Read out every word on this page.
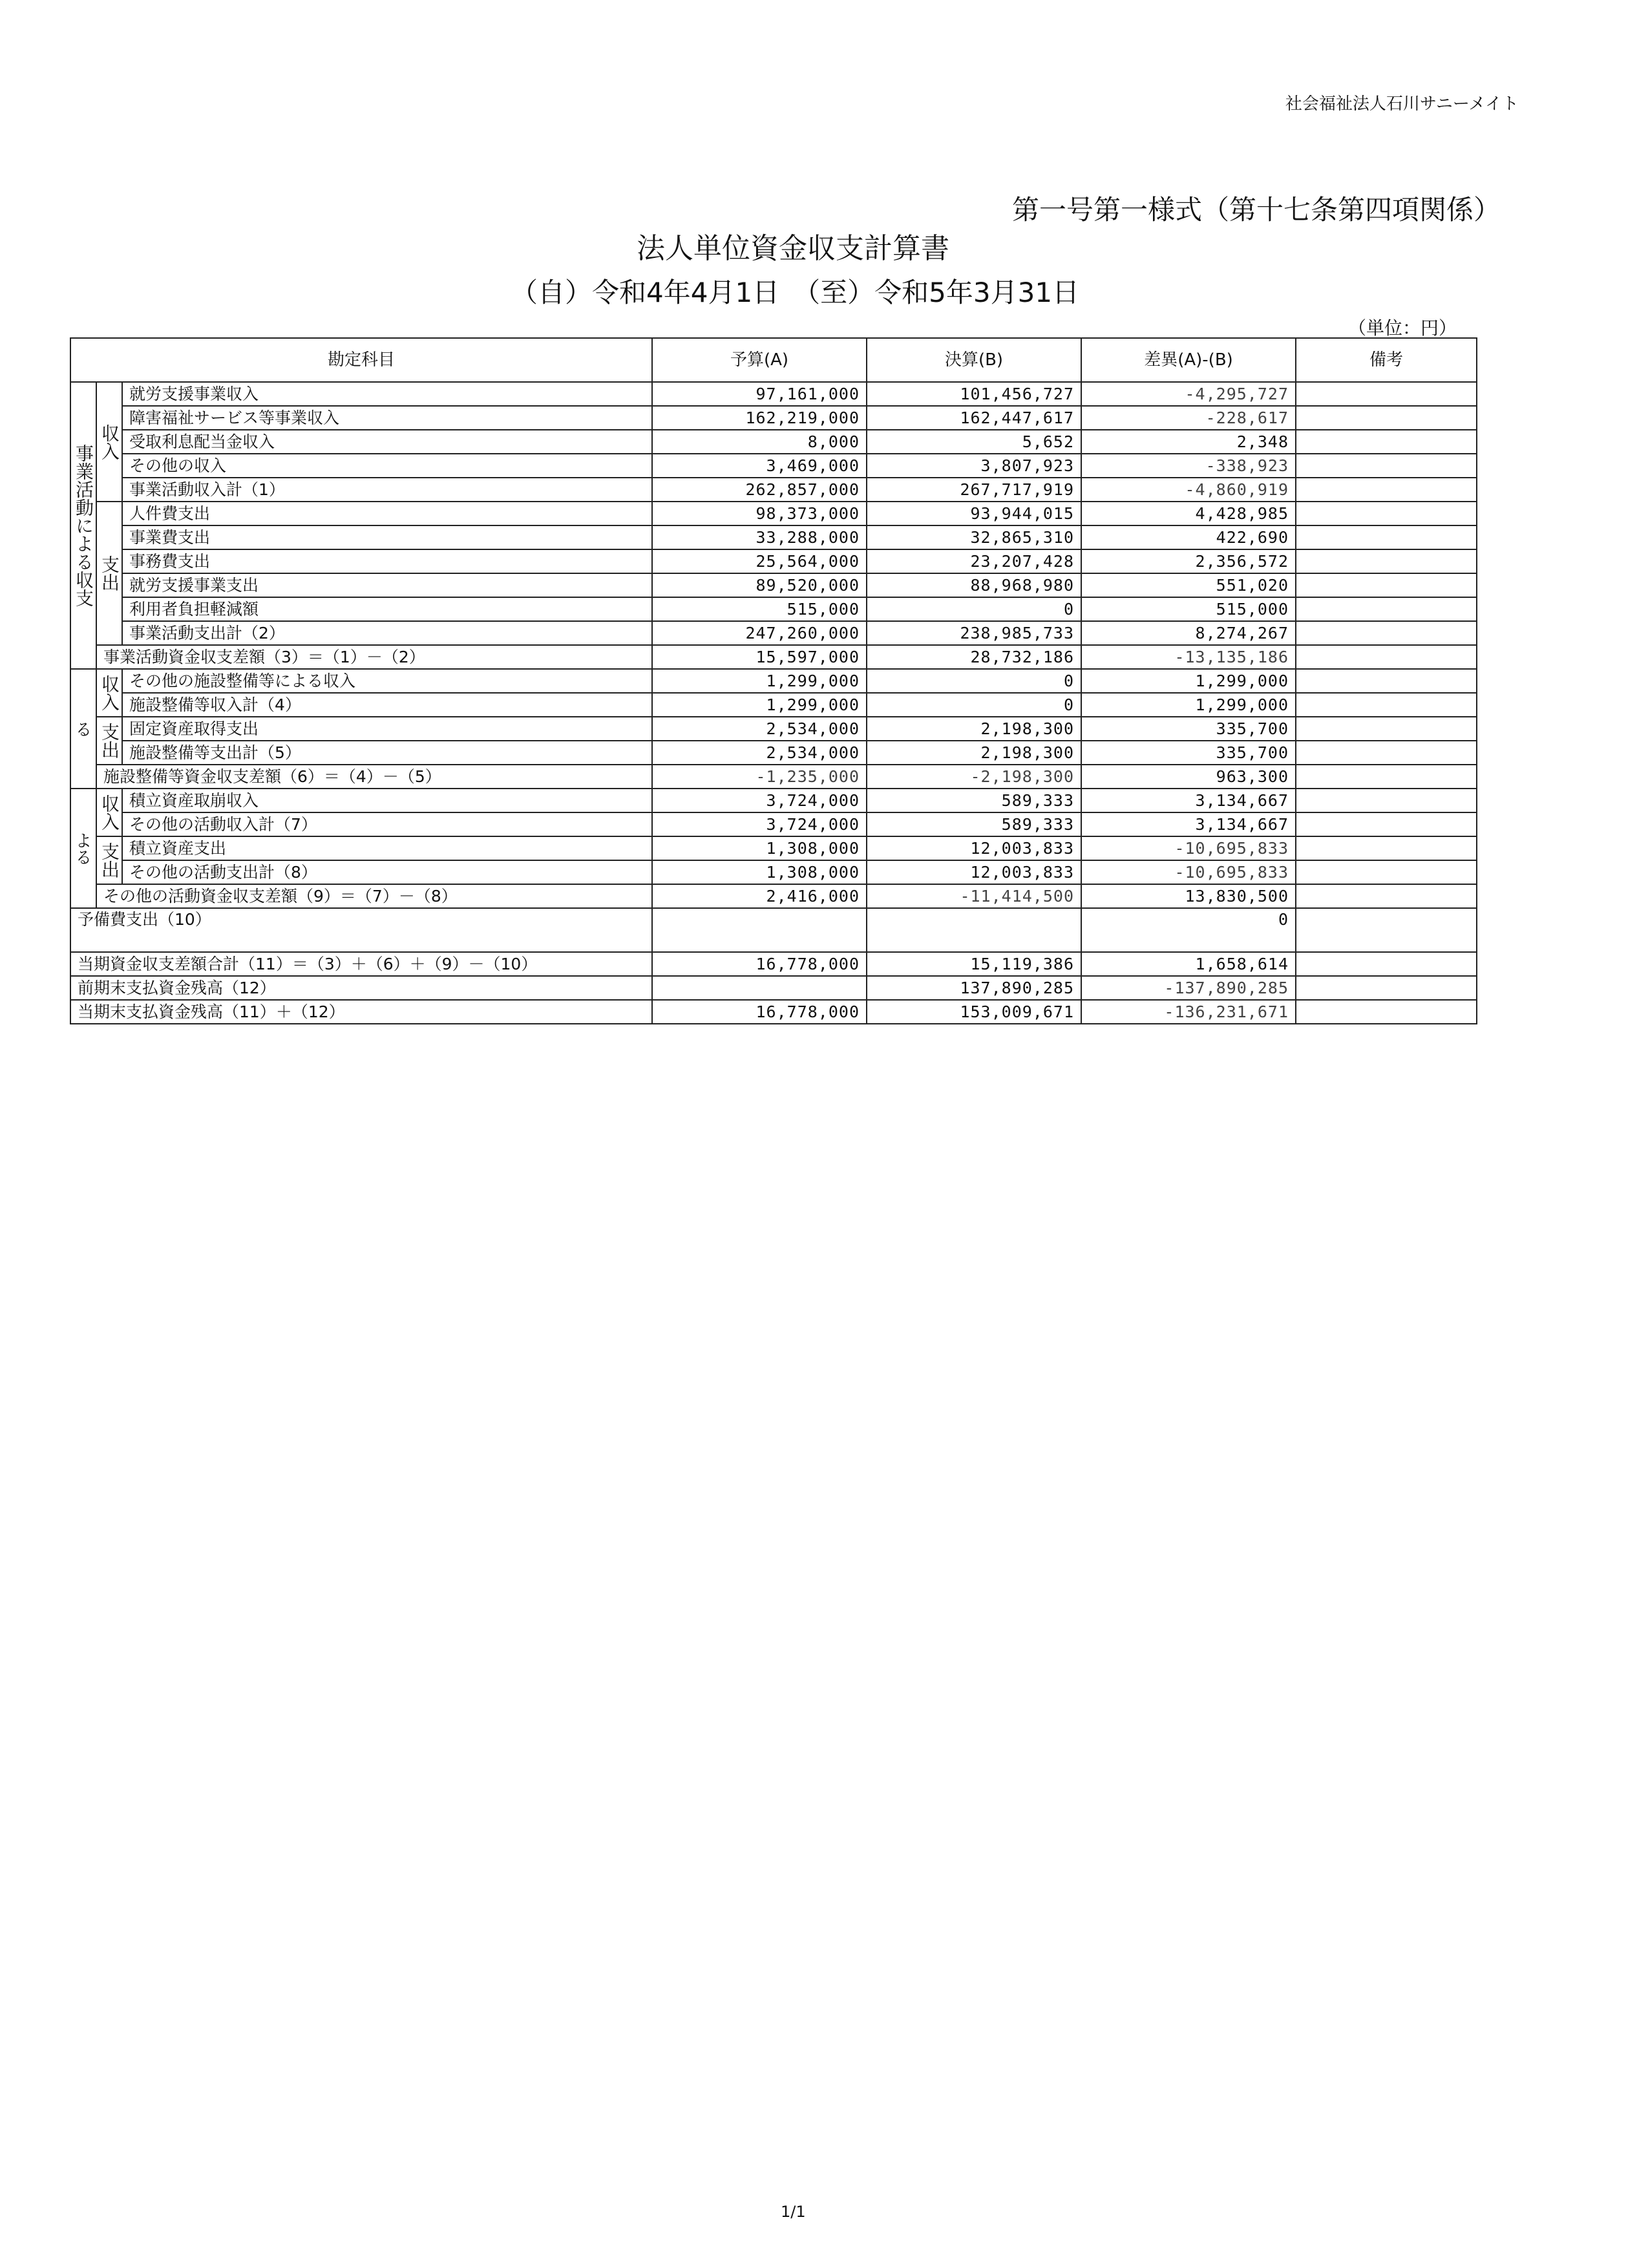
社会福祉法人石川サニーメイト
第一号第一様式（第十七条第四項関係）
法人単位資金収支計算書
（自）令和4年4月1日　（至）令和5年3月31日
（単位：円）
勘定科目			予算(A)	決算(B)	差異(A)-(B)	備考

事業活動による収支	収入	就労支援事業収入	97,161,000	101,456,727	-4,295,727	
		障害福祉サービス等事業収入	162,219,000	162,447,617	-228,617	
		受取利息配当金収入	8,000	5,652	2,348	
		その他の収入	3,469,000	3,807,923	-338,923	
		事業活動収入計（1）	262,857,000	267,717,919	-4,860,919	

	支出	人件費支出	98,373,000	93,944,015	4,428,985	
		事業費支出	33,288,000	32,865,310	422,690	
		事務費支出	25,564,000	23,207,428	2,356,572	
		就労支援事業支出	89,520,000	88,968,980	551,020	
		利用者負担軽減額	515,000	0	515,000	
		事業活動支出計（2）	247,260,000	238,985,733	8,274,267	
	事業活動資金収支差額（3）＝（1）－（2）		15,597,000	28,732,186	-13,135,186	

る	収入	その他の施設整備等による収入	1,299,000	0	1,299,000	
		施設整備等収入計（4）	1,299,000	0	1,299,000	

	支出	固定資産取得支出	2,534,000	2,198,300	335,700	
		施設整備等支出計（5）	2,534,000	2,198,300	335,700	
	施設整備等資金収支差額（6）＝（4）－（5）		-1,235,000	-2,198,300	963,300	

よる	収入	積立資産取崩収入	3,724,000	589,333	3,134,667	
		その他の活動収入計（7）	3,724,000	589,333	3,134,667	

	支出	積立資産支出	1,308,000	12,003,833	-10,695,833	
		その他の活動支出計（8）	1,308,000	12,003,833	-10,695,833	
	その他の活動資金収支差額（9）＝（7）－（8）		2,416,000	-11,414,500	13,830,500	
予備費支出（10）					0	
当期資金収支差額合計（11）＝（3）＋（6）＋（9）－（10）			16,778,000	15,119,386	1,658,614	
前期末支払資金残高（12）				137,890,285	-137,890,285	
当期末支払資金残高（11）＋（12）			16,778,000	153,009,671	-136,231,671	
1/1
